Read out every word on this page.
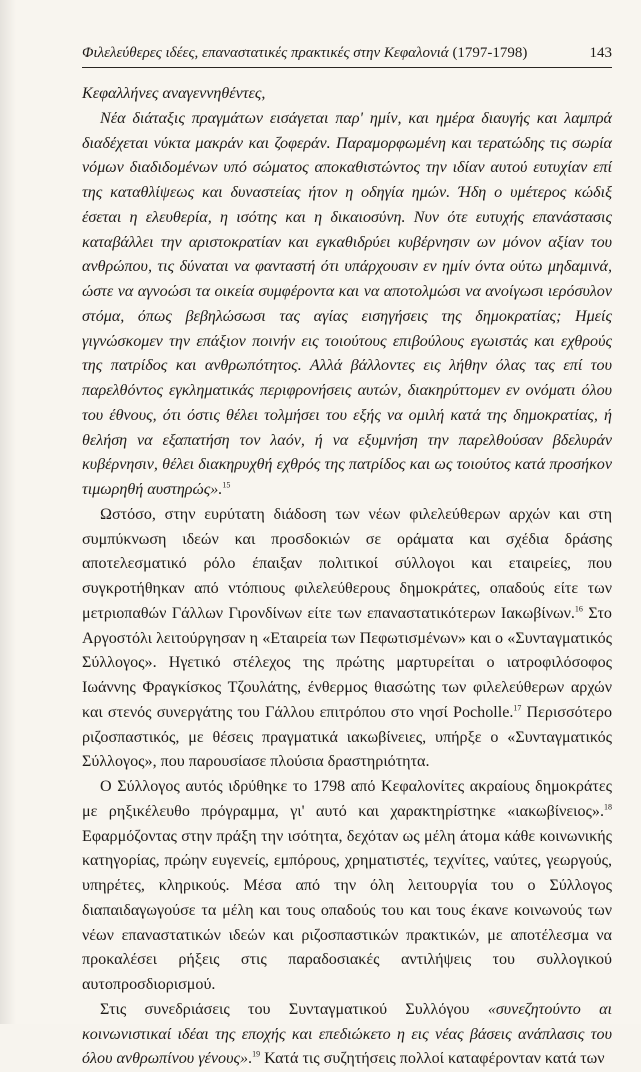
Φιλελεύθερες ιδέες, επαναστατικές πρακτικές στην Κεφαλονιά (1797-1798)	143

Κεφαλλήνες αναγεννηθέντες,

Νέα διάταξις πραγμάτων εισάγεται παρ' ημίν, και ημέρα διαυγής και λαμπρά διαδέχεται νύκτα μακράν και ζοφεράν. Παραμορφωμένη και τερατώδης τις σωρία νόμων διαδιδομένων υπό σώματος αποκαθιστώντος την ιδίαν αυτού ευτυχίαν επί της καταθλίψεως και δυναστείας ήτον η οδηγία ημών. Ήδη ο υμέτερος κώδιξ έσεται η ελευθερία, η ισότης και η δικαιοσύνη. Νυν ότε ευτυχής επανάστασις καταβάλλει την αριστοκρατίαν και εγκαθιδρύει κυβέρνησιν ων μόνον αξίαν του ανθρώπου, τις δύναται να φανταστή ότι υπάρχουσιν εν ημίν όντα ούτω μηδαμινά, ώστε να αγνοώσι τα οικεία συμφέροντα και να αποτολμώσι να ανοίγωσι ιερόσυλον στόμα, όπως βεβηλώσωσι τας αγίας εισηγήσεις της δημοκρατίας; Ημείς γιγνώσκομεν την επάξιον ποινήν εις τοιούτους επιβούλους εγωιστάς και εχθρούς της πατρίδος και ανθρωπότητος. Αλλά βάλλοντες εις λήθην όλας τας επί του παρελθόντος εγκληματικάς περιφρονήσεις αυτών, διακηρύττομεν εν ονόματι όλου του έθνους, ότι όστις θέλει τολμήσει του εξής να ομιλή κατά της δημοκρατίας, ή θελήση να εξαπατήση τον λαόν, ή να εξυμνήση την παρελθούσαν βδελυράν κυβέρνησιν, θέλει διακηρυχθή εχθρός της πατρίδος και ως τοιούτος κατά προσήκον τιμωρηθή αυστηρώς».$^{15}$

Ωστόσο, στην ευρύτατη διάδοση των νέων φιλελεύθερων αρχών και στη συμπύκνωση ιδεών και προσδοκιών σε οράματα και σχέδια δράσης αποτελεσματικό ρόλο έπαιξαν πολιτικοί σύλλογοι και εταιρείες, που συγκροτήθηκαν από ντόπιους φιλελεύθερους δημοκράτες, οπαδούς είτε των μετριοπαθών Γάλλων Γιρονδίνων είτε των επαναστατικότερων Ιακωβίνων.$^{16}$ Στο Αργοστόλι λειτούργησαν η «Εταιρεία των Πεφωτισμένων» και ο «Συνταγματικός Σύλλογος». Ηγετικό στέλεχος της πρώτης μαρτυρείται ο ιατροφιλόσοφος Ιωάννης Φραγκίσκος Τζουλάτης, ένθερμος θιασώτης των φιλελεύθερων αρχών και στενός συνεργάτης του Γάλλου επιτρόπου στο νησί Pocholle.$^{17}$ Περισσότερο ριζοσπαστικός, με θέσεις πραγματικά ιακωβίνειες, υπήρξε ο «Συνταγματικός Σύλλογος», που παρουσίασε πλούσια δραστηριότητα.

Ο Σύλλογος αυτός ιδρύθηκε το 1798 από Κεφαλονίτες ακραίους δημοκράτες με ρηξικέλευθο πρόγραμμα, γι' αυτό και χαρακτηρίστηκε «ιακωβίνειος».$^{18}$ Εφαρμόζοντας στην πράξη την ισότητα, δεχόταν ως μέλη άτομα κάθε κοινωνικής κατηγορίας, πρώην ευγενείς, εμπόρους, χρηματιστές, τεχνίτες, ναύτες, γεωργούς, υπηρέτες, κληρικούς. Μέσα από την όλη λειτουργία του ο Σύλλογος διαπαιδαγωγούσε τα μέλη και τους οπαδούς του και τους έκανε κοινωνούς των νέων επαναστατικών ιδεών και ριζοσπαστικών πρακτικών, με αποτέλεσμα να προκαλέσει ρήξεις στις παραδοσιακές αντιλήψεις του συλλογικού αυτοπροσδιορισμού.

Στις συνεδριάσεις του Συνταγματικού Συλλόγου «συνεζητούντο αι κοινωνιστικαί ιδέαι της εποχής και επεδιώκετο η εις νέας βάσεις ανάπλασις του όλου ανθρωπίνου γένους».$^{19}$ Κατά τις συζητήσεις πολλοί καταφέρονταν κατά των
